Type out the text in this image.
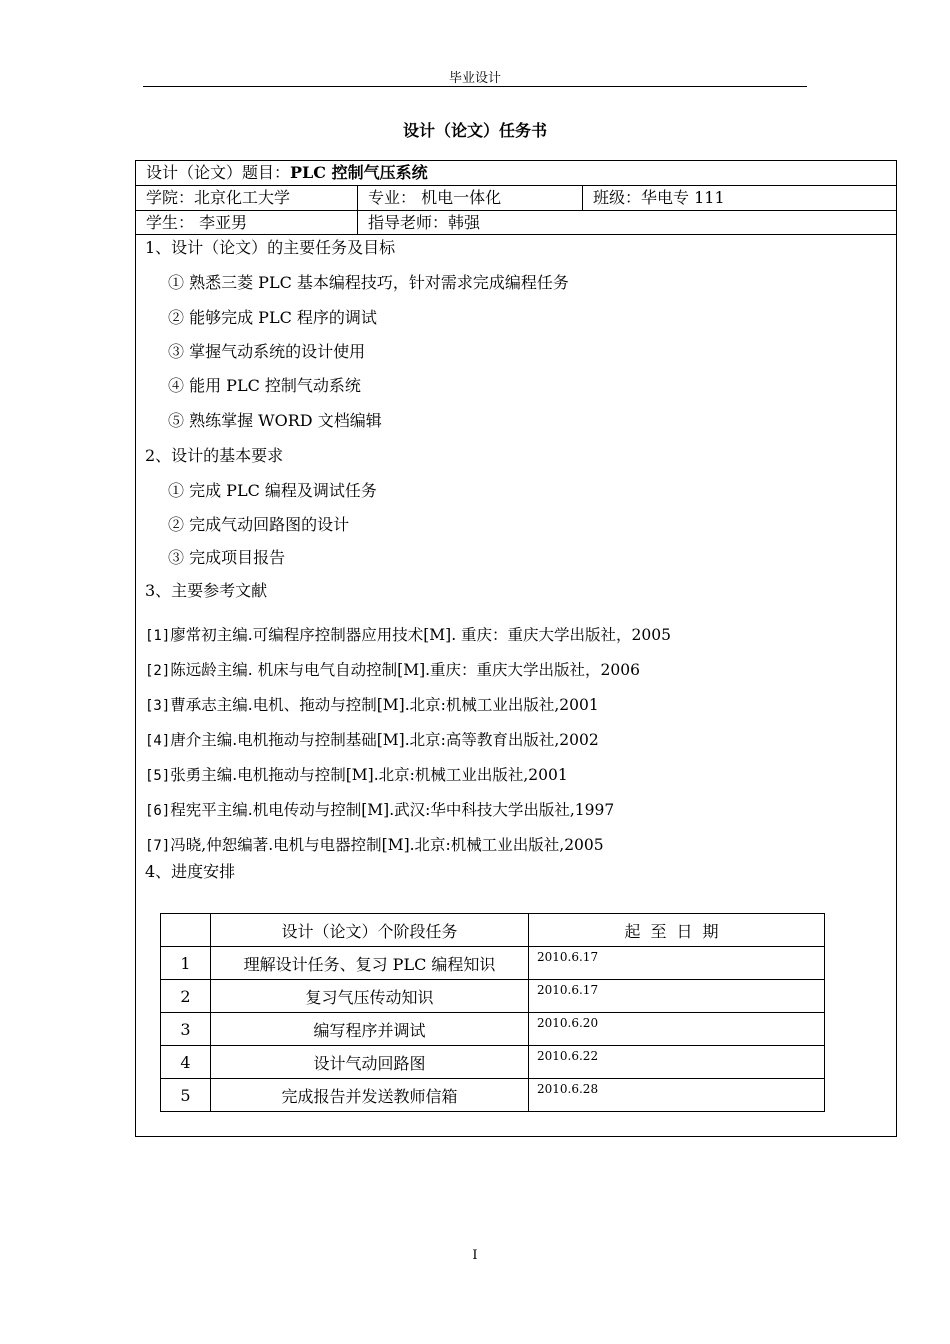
毕业设计
设计（论文）任务书
设计（论文）题目：PLC 控制气压系统
学院：北京化工大学	专业： 机电一体化	班级：华电专 111
学生： 李亚男	指导老师：韩强
1、设计（论文）的主要任务及目标
① 熟悉三菱 PLC 基本编程技巧，针对需求完成编程任务
② 能够完成 PLC 程序的调试
③ 掌握气动系统的设计使用
④ 能用 PLC 控制气动系统
⑤ 熟练掌握 WORD 文档编辑
2、设计的基本要求
① 完成 PLC 编程及调试任务
② 完成气动回路图的设计
③ 完成项目报告
3、主要参考文献
[1]廖常初主编.可编程序控制器应用技术[M]. 重庆：重庆大学出版社，2005
[2]陈远龄主编. 机床与电气自动控制[M].重庆：重庆大学出版社，2006
[3]曹承志主编.电机、拖动与控制[M].北京:机械工业出版社,2001
[4]唐介主编.电机拖动与控制基础[M].北京:高等教育出版社,2002
[5]张勇主编.电机拖动与控制[M].北京:机械工业出版社,2001
[6]程宪平主编.机电传动与控制[M].武汉:华中科技大学出版社,1997
[7]冯晓,仲恕编著.电机与电器控制[M].北京:机械工业出版社,2005
4、进度安排
	设计（论文）个阶段任务	起至日期
1	理解设计任务、复习 PLC 编程知识	2010.6.17
2	复习气压传动知识	2010.6.17
3	编写程序并调试	2010.6.20
4	设计气动回路图	2010.6.22
5	完成报告并发送教师信箱	2010.6.28
I
